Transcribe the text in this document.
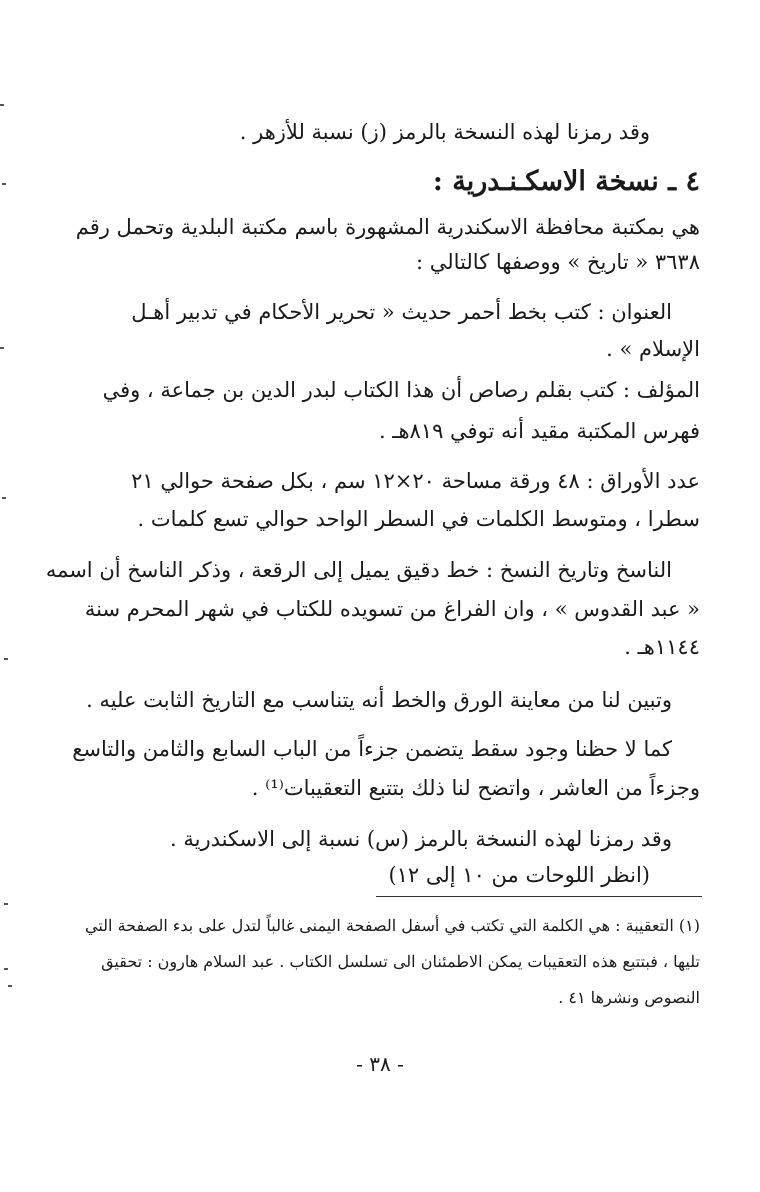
وقد رمزنا لهذه النسخة بالرمز (ز) نسبة للأزهر .
٤ ـ نسخة الاسكـنـدرية :
هي بمكتبة محافظة الاسكندرية المشهورة باسم مكتبة البلدية وتحمل رقم
٣٦٣٨ « تاريخ » ووصفها كالتالي :
العنوان : كتب بخط أحمر حديث « تحرير الأحكام في تدبير أهـل
الإسلام » .
المؤلف : كتب بقلم رصاص أن هذا الكتاب لبدر الدين بن جماعة ، وفي
فهرس المكتبة مقيد أنه توفي ٨١٩هـ .
عدد الأوراق : ٤٨ ورقة مساحة ٢٠×١٢ سم ، بكل صفحة حوالي ٢١
سطرا ، ومتوسط الكلمات في السطر الواحد حوالي تسع كلمات .
الناسخ وتاريخ النسخ : خط دقيق يميل إلى الرقعة ، وذكر الناسخ أن اسمه
« عبد القدوس » ، وان الفراغ من تسويده للكتاب في شهر المحرم سنة
١١٤٤هـ .
وتبين لنا من معاينة الورق والخط أنه يتناسب مع التاريخ الثابت عليه .
كما لا حظنا وجود سقط يتضمن جزءاً من الباب السابع والثامن والتاسع
وجزءاً من العاشر ، واتضح لنا ذلك بتتبع التعقيبات⁽¹⁾ .
وقد رمزنا لهذه النسخة بالرمز (س) نسبة إلى الاسكندرية .
(انظر اللوحات من ١٠ إلى ١٢)
(١) التعقيبة : هي الكلمة التي تكتب في أسفل الصفحة اليمنى غالباً لتدل على بدء الصفحة التي
تليها ، فبتتبع هذه التعقيبات يمكن الاطمئنان الى تسلسل الكتاب . عبد السلام هارون : تحقيق
النصوص ونشرها ٤١ .
- ٣٨ -
